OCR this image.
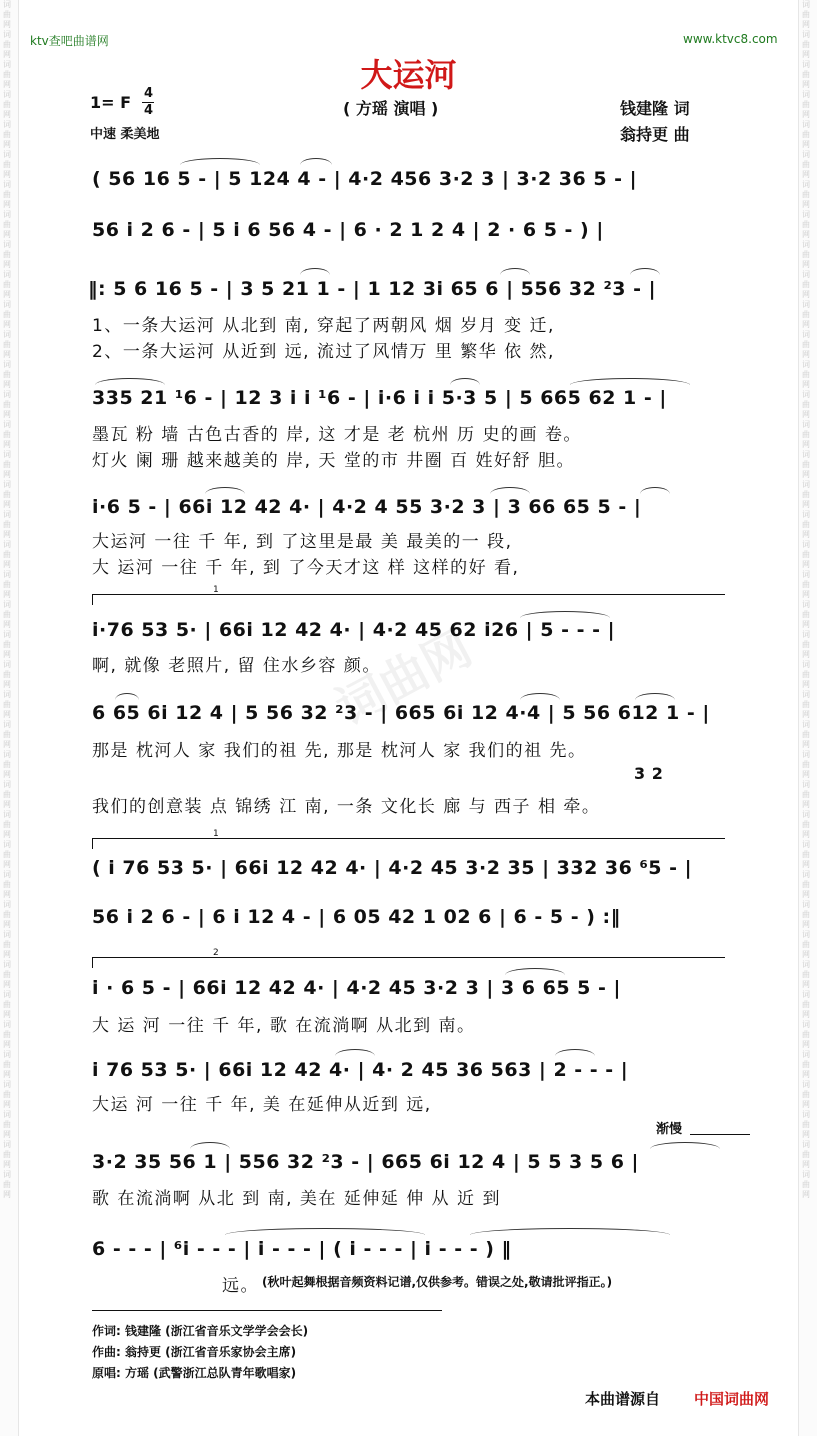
词曲网词曲网词曲网词曲网词曲网词曲网词曲网词曲网词曲网词曲网词曲网词曲网词曲网词曲网词曲网词曲网词曲网词曲网词曲网词曲网词曲网词曲网词曲网词曲网词曲网词曲网词曲网词曲网词曲网词曲网词曲网词曲网词曲网词曲网词曲网词曲网词曲网词曲网词曲网词曲网
词曲网词曲网词曲网词曲网词曲网词曲网词曲网词曲网词曲网词曲网词曲网词曲网词曲网词曲网词曲网词曲网词曲网词曲网词曲网词曲网词曲网词曲网词曲网词曲网词曲网词曲网词曲网词曲网词曲网词曲网词曲网词曲网词曲网词曲网词曲网词曲网词曲网词曲网词曲网词曲网
词曲网
ktv查吧曲谱网	www.ktvc8.com
大运河
1= F 4
4	( 方瑶 演唱 )
中速 柔美地
钱建隆 词
翁持更 曲
( 56 16 5 - | 5 124 4 - | 4·2 456 3·2 3 | 3·2 36 5 - |
56 i 2 6 - | 5 i 6 56 4 - | 6 · 2 1 2 4 | 2 · 6 5 - ) |
‖: 5 6 16 5 - | 3 5 21 1 - | 1 12 3i 65 6 | 556 32 ²3 - |
1、一条大运河 从北到 南, 穿起了两朝风 烟 岁月 变 迁,
2、一条大运河 从近到 远, 流过了风情万 里 繁华 依 然,
335 21 ¹6 - | 12 3 i i ¹6 - | i·6 i i 5·3 5 | 5 665 62 1 - |
墨瓦 粉 墙 古色古香的 岸, 这 才是 老 杭州 历 史的画 卷。
灯火 阑 珊 越来越美的 岸, 天 堂的市 井圈 百 姓好舒 胆。
i·6 5 - | 66i 12 42 4· | 4·2 4 55 3·2 3 | 3 66 65 5 - |
大运河 一往 千 年, 到 了这里是最 美 最美的一 段,
大 运河 一往 千 年, 到 了今天才这 样 这样的好 看,
1
i·76 53 5· | 66i 12 42 4· | 4·2 45 62 i26 | 5 - - - |
啊, 就像 老照片, 留 住水乡容 颜。
6 65 6i 12 4 | 5 56 32 ²3 - | 665 6i 12 4·4 | 5 56 612 1 - |
那是 枕河人 家 我们的祖 先, 那是 枕河人 家 我们的祖 先。
3 2
我们的创意装 点 锦绣 江 南, 一条 文化长 廊 与 西子 相 牵。
1
( i 76 53 5· | 66i 12 42 4· | 4·2 45 3·2 35 | 332 36 ⁶5 - |
56 i 2 6 - | 6 i 12 4 - | 6 05 42 1 02 6 | 6 - 5 - ) :‖
2
i · 6 5 - | 66i 12 42 4· | 4·2 45 3·2 3 | 3 6 65 5 - |
大 运 河 一往 千 年, 歌 在流淌啊 从北到 南。
i 76 53 5· | 66i 12 42 4· | 4· 2 45 36 563 | 2 - - - |
大运 河 一往 千 年, 美 在延伸从近到 远,
渐慢
3·2 35 56 1 | 556 32 ²3 - | 665 6i 12 4 | 5 5 3 5 6 |
歌 在流淌啊 从北 到 南, 美在 延伸延 伸 从 近 到
6 - - - | ⁶i - - - | i - - - | ( i - - - | i - - - ) ‖
远。 (秋叶起舞根据音频资料记谱,仅供参考。错误之处,敬请批评指正。)
作词: 钱建隆 (浙江省音乐文学学会会长)
作曲: 翁持更 (浙江省音乐家协会主席)
原唱: 方瑶 (武警浙江总队青年歌唱家)
本曲谱源自 中国词曲网
